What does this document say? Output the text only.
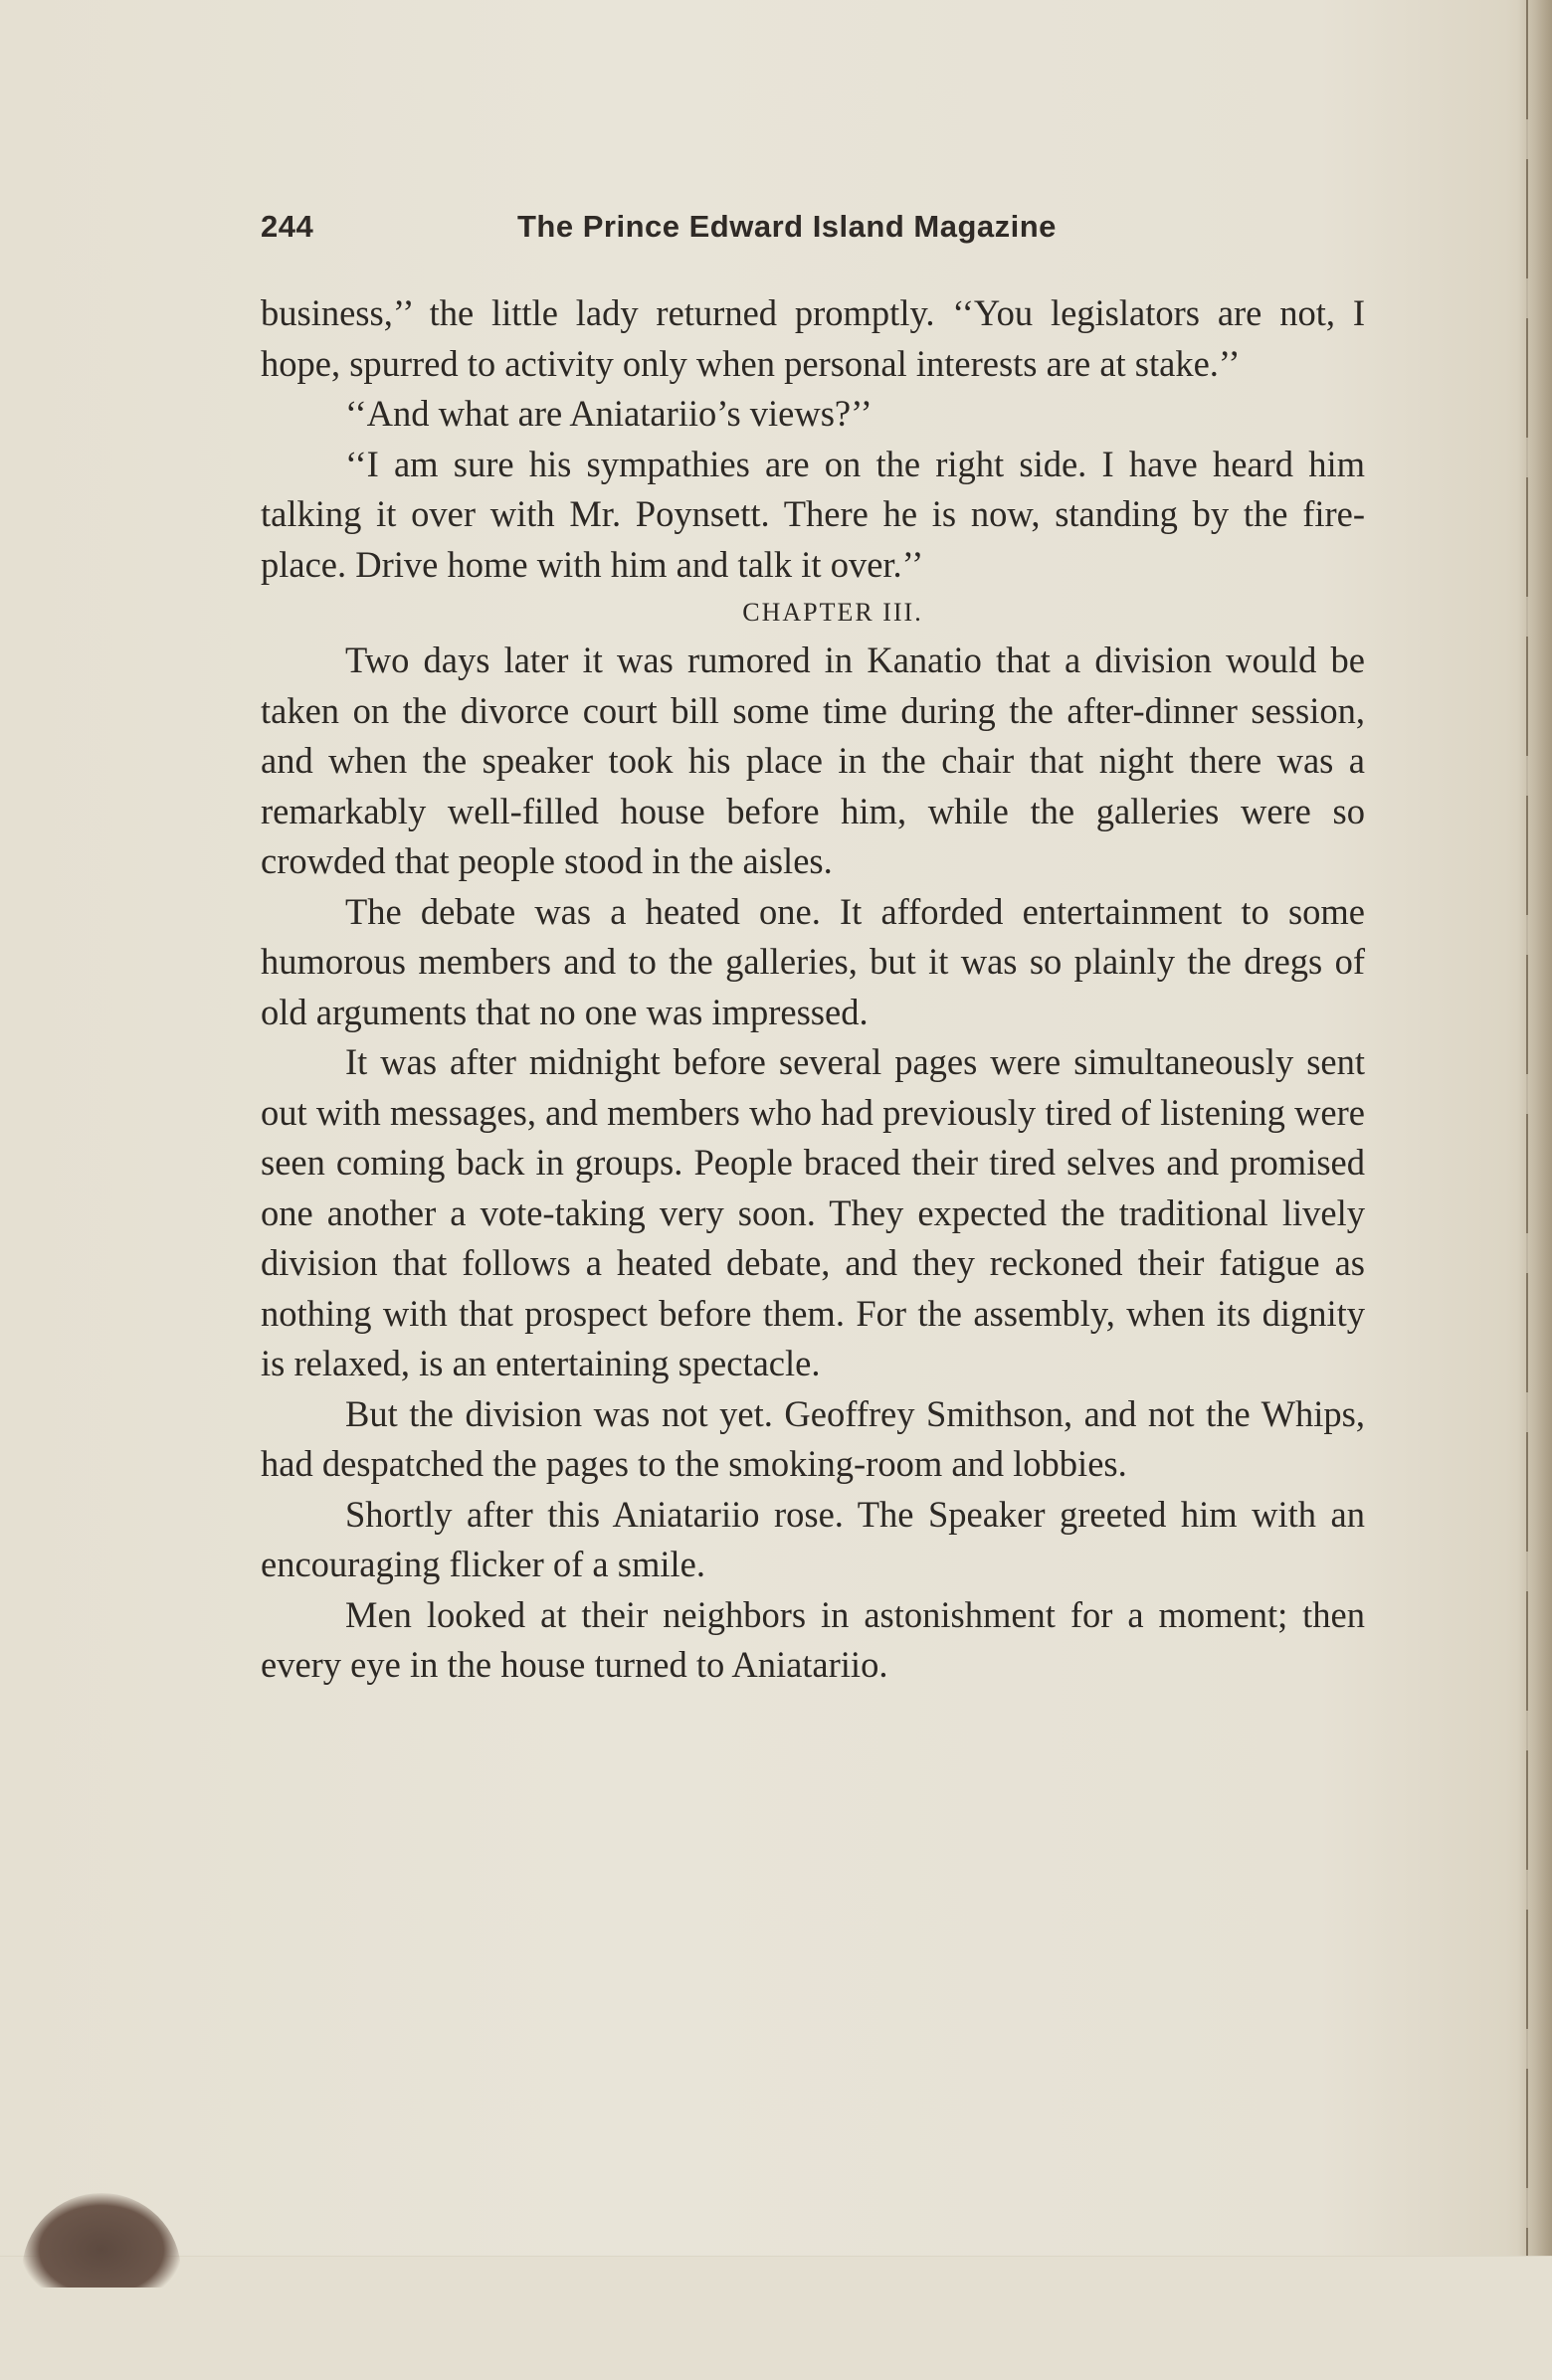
244	The Prince Edward Island Magazine

business,’’ the little lady returned promptly. ‘‘You legislators are not, I hope, spurred to activity only when personal interests are at stake.’’

‘‘And what are Aniatariio’s views?’’

‘‘I am sure his sympathies are on the right side. I have heard him talking it over with Mr. Poynsett. There he is now, standing by the fire-place. Drive home with him and talk it over.’’

CHAPTER III.

Two days later it was rumored in Kanatio that a division would be taken on the divorce court bill some time during the after-dinner session, and when the speaker took his place in the chair that night there was a remarkably well-filled house before him, while the galleries were so crowded that people stood in the aisles.

The debate was a heated one. It afforded entertainment to some humorous members and to the galleries, but it was so plainly the dregs of old arguments that no one was impressed.

It was after midnight before several pages were simultaneously sent out with messages, and members who had previously tired of listening were seen coming back in groups. People braced their tired selves and promised one another a vote-taking very soon. They expected the traditional lively division that follows a heated debate, and they reckoned their fatigue as nothing with that prospect before them. For the assembly, when its dignity is relaxed, is an entertaining spectacle.

But the division was not yet. Geoffrey Smithson, and not the Whips, had despatched the pages to the smoking-room and lobbies.

Shortly after this Aniatariio rose. The Speaker greeted him with an encouraging flicker of a smile.

Men looked at their neighbors in astonishment for a moment; then every eye in the house turned to Aniatariio.
